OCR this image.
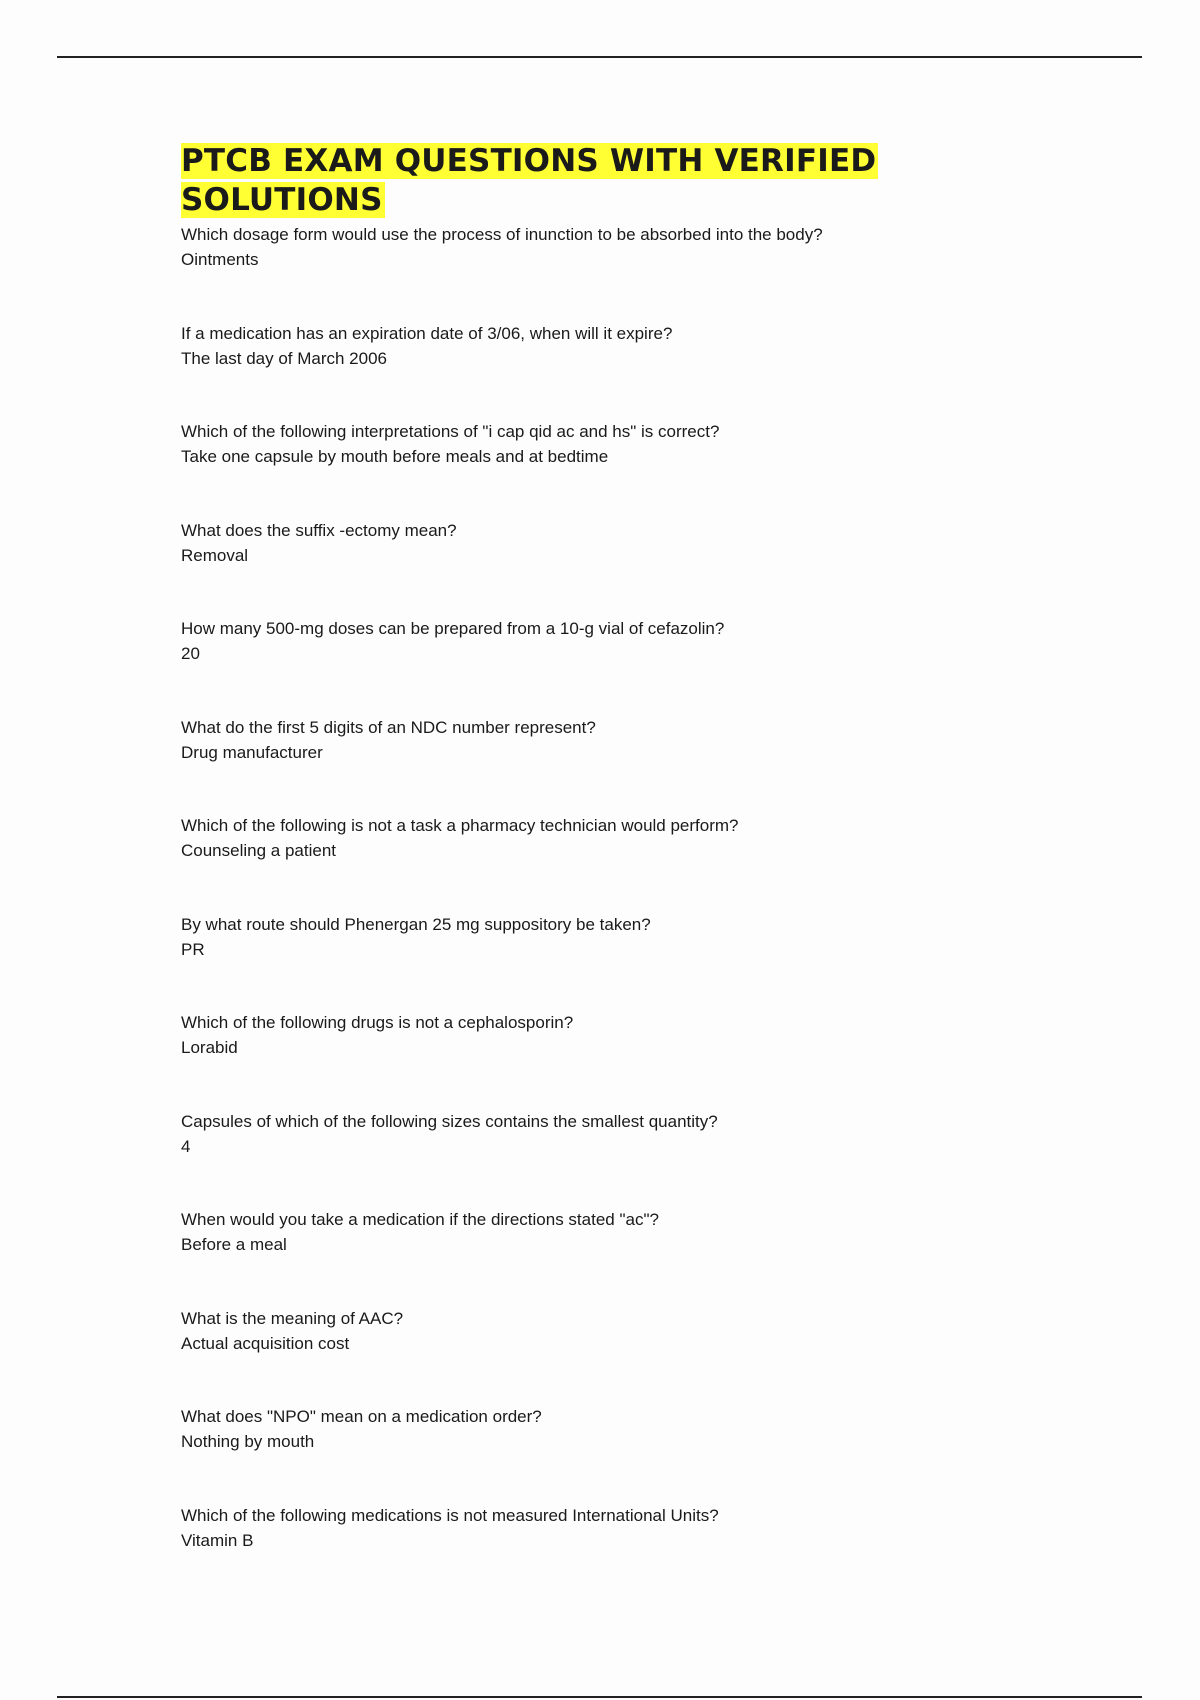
PTCB EXAM QUESTIONS WITH VERIFIED
SOLUTIONS
Which dosage form would use the process of inunction to be absorbed into the body?
Ointments
If a medication has an expiration date of 3/06, when will it expire?
The last day of March 2006
Which of the following interpretations of "i cap qid ac and hs" is correct?
Take one capsule by mouth before meals and at bedtime
What does the suffix -ectomy mean?
Removal
How many 500-mg doses can be prepared from a 10-g vial of cefazolin?
20
What do the first 5 digits of an NDC number represent?
Drug manufacturer
Which of the following is not a task a pharmacy technician would perform?
Counseling a patient
By what route should Phenergan 25 mg suppository be taken?
PR
Which of the following drugs is not a cephalosporin?
Lorabid
Capsules of which of the following sizes contains the smallest quantity?
4
When would you take a medication if the directions stated "ac"?
Before a meal
What is the meaning of AAC?
Actual acquisition cost
What does "NPO" mean on a medication order?
Nothing by mouth
Which of the following medications is not measured International Units?
Vitamin B
